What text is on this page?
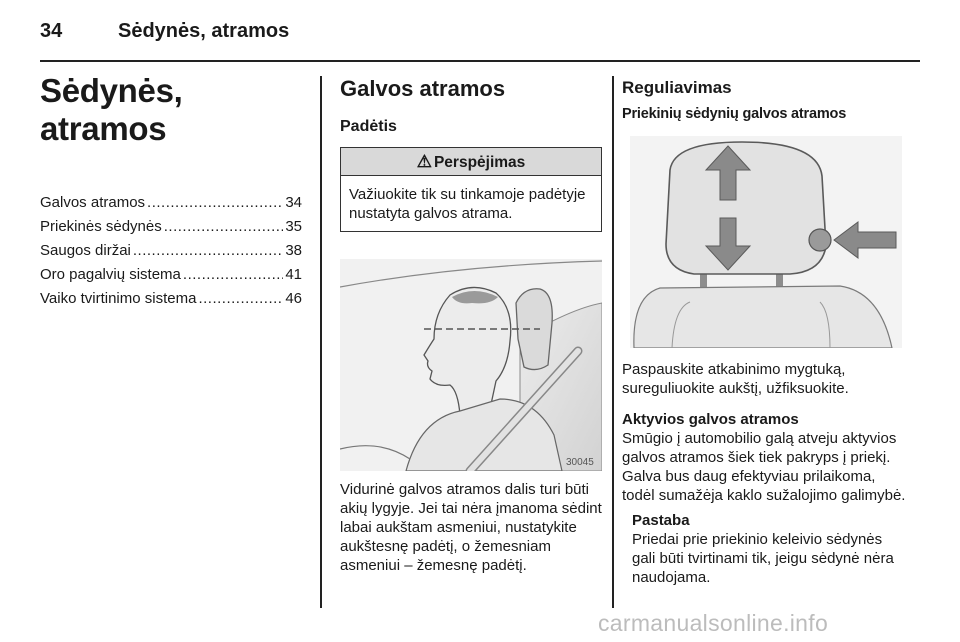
34	Sėdynės, atramos
Sėdynės, atramos
Galvos atramos .....	34
Priekinės sėdynės .....	35
Saugos diržai .....	38
Oro pagalvių sistema .....	41
Vaiko tvirtinimo sistema .....	46
Galvos atramos
Padėtis
⚠ Perspėjimas
Važiuokite tik su tinkamoje padėtyje nustatyta galvos atrama.
30045

Vidurinė galvos atramos dalis turi būti akių lygyje. Jei tai nėra įmanoma sėdint labai aukštam asmeniui, nustatykite aukštesnę padėtį, o žemesniam asmeniui – žemesnę padėtį.

Reguliavimas
Priekinių sėdynių galvos atramos

Paspauskite atkabinimo mygtuką, sureguliuokite aukštį, užfiksuokite.

Aktyvios galvos atramos

Smūgio į automobilio galą atveju aktyvios galvos atramos šiek tiek pakryps į priekį. Galva bus daug efektyviau prilaikoma, todėl sumažėja kaklo sužalojimo galimybė.

Pastaba

Priedai prie priekinio keleivio sėdynės gali būti tvirtinami tik, jeigu sėdynė nėra naudojama.

carmanualsonline.info
